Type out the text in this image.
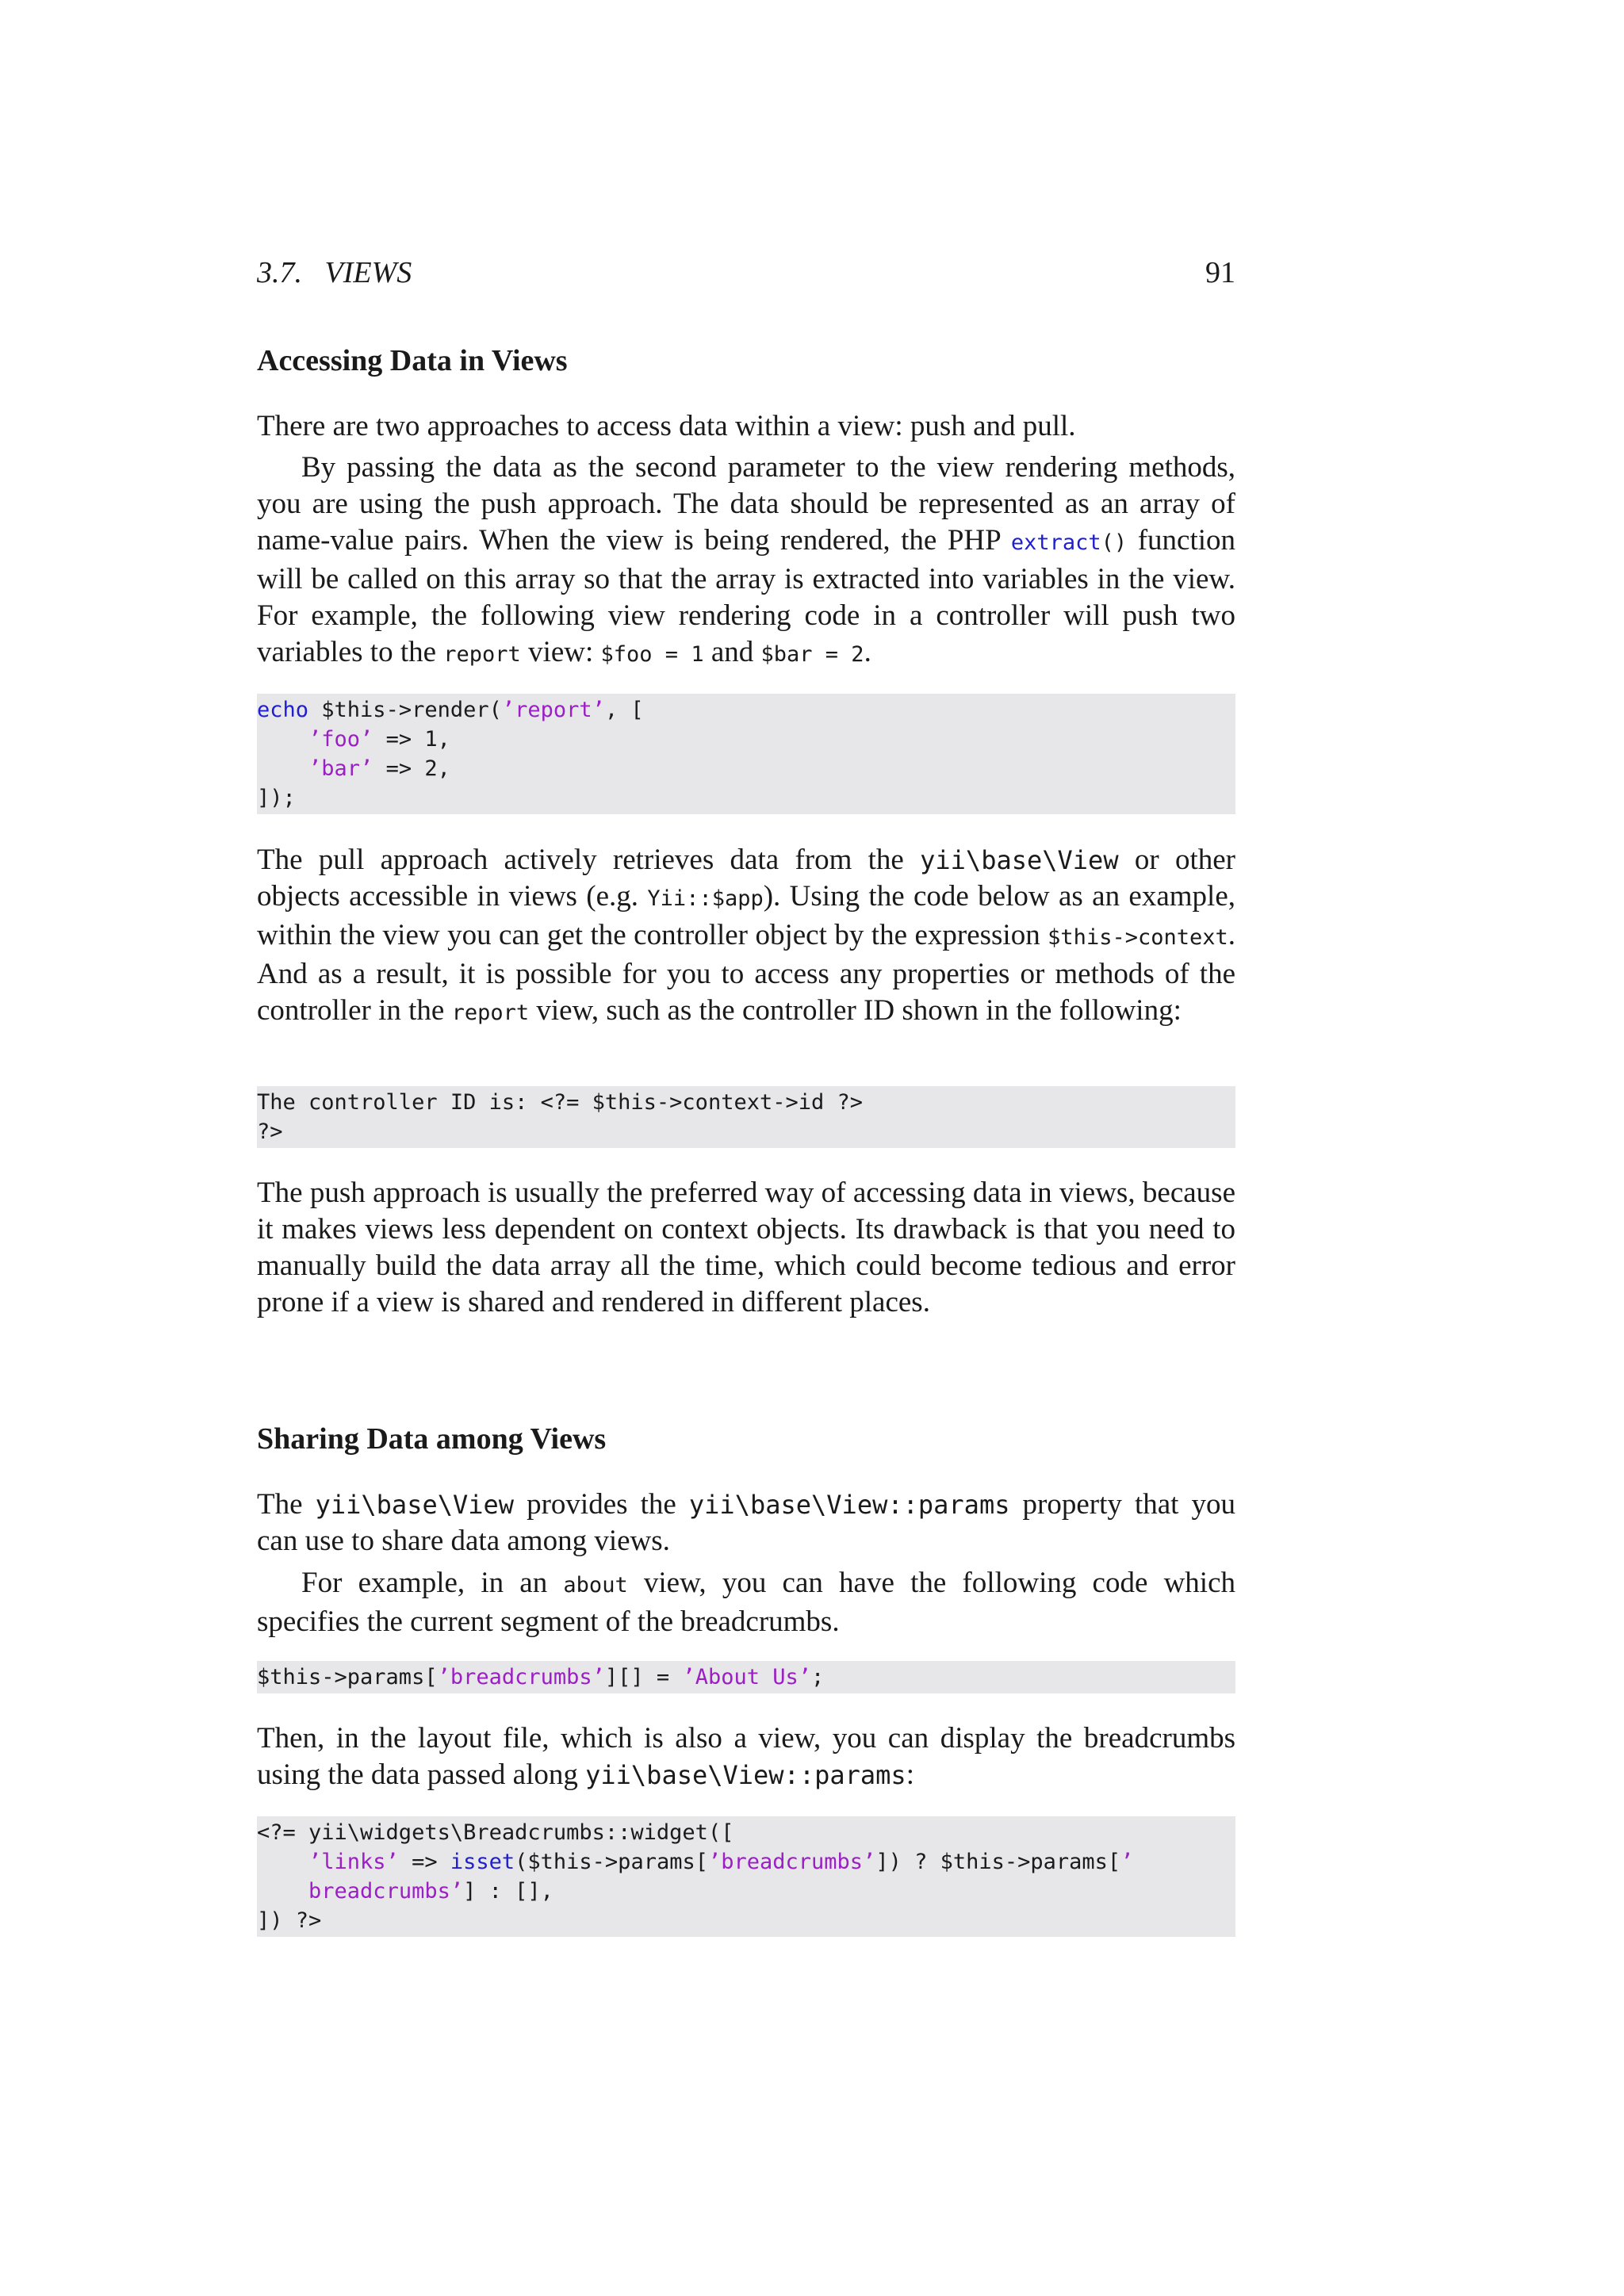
3.7.   VIEWS	91
Accessing Data in Views

There are two approaches to access data within a view: push and pull.

By passing the data as the second parameter to the view rendering methods, you are using the push approach. The data should be represented as an array of name-value pairs. When the view is being rendered, the PHP extract() function will be called on this array so that the array is extracted into variables in the view. For example, the following view rendering code in a controller will push two variables to the report view: $foo = 1 and $bar = 2.

echo $this->render(’report’, [
’foo’ => 1,
’bar’ => 2,
]);

The pull approach actively retrieves data from the yii\base\View or other objects accessible in views (e.g. Yii::$app). Using the code below as an example, within the view you can get the controller object by the expression $this->context. And as a result, it is possible for you to access any properties or methods of the controller in the report view, such as the controller ID shown in the following:

The controller ID is: <?= $this->context->id ?>
?>

The push approach is usually the preferred way of accessing data in views, because it makes views less dependent on context objects. Its drawback is that you need to manually build the data array all the time, which could become tedious and error prone if a view is shared and rendered in different places.

Sharing Data among Views

The yii\base\View provides the yii\base\View::params property that you can use to share data among views.

For example, in an about view, you can have the following code which specifies the current segment of the breadcrumbs.

$this->params[’breadcrumbs’][] = ’About Us’;

Then, in the layout file, which is also a view, you can display the breadcrumbs using the data passed along yii\base\View::params:

<?= yii\widgets\Breadcrumbs::widget([
’links’ => isset($this->params[’breadcrumbs’]) ? $this->params[’
breadcrumbs’] : [],
]) ?>
